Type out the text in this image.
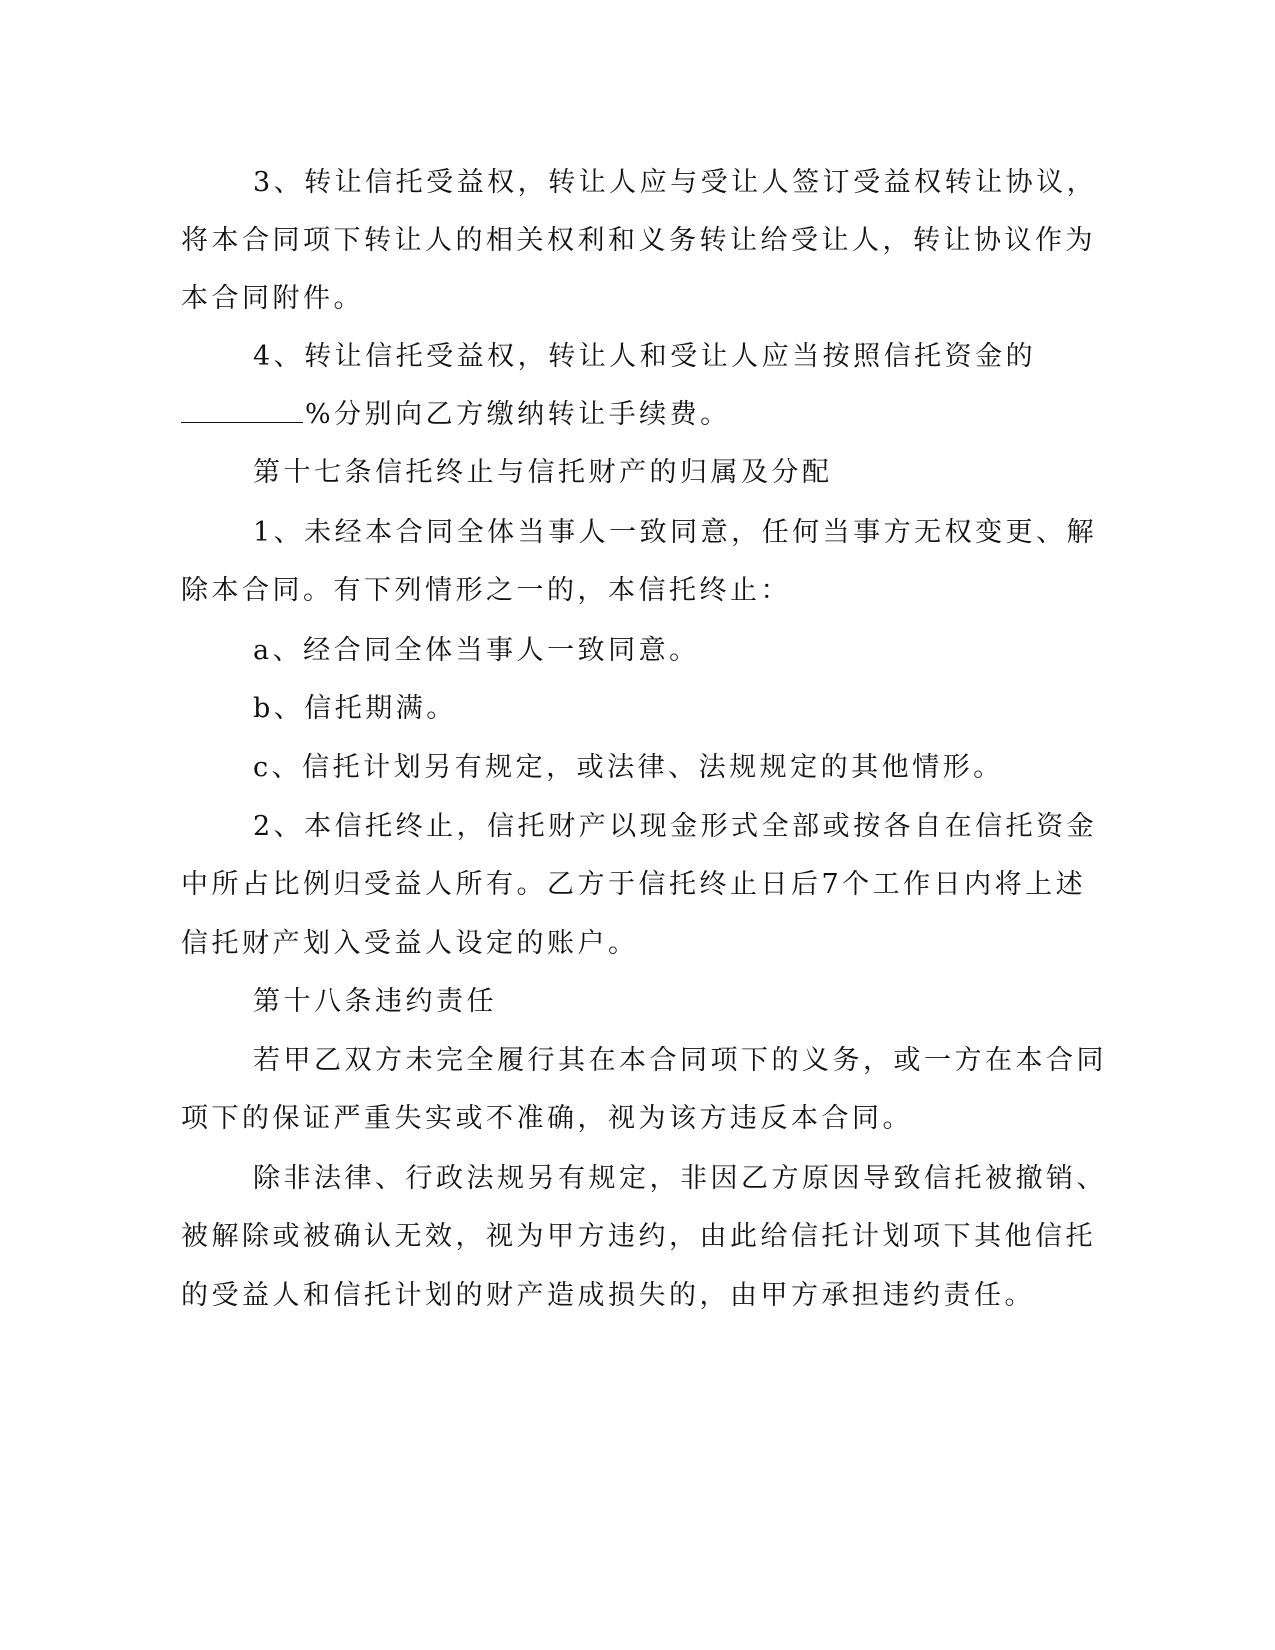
3、转让信托受益权，转让人应与受让人签订受益权转让协议，
将本合同项下转让人的相关权利和义务转让给受让人，转让协议作为
本合同附件。
4、转让信托受益权，转让人和受让人应当按照信托资金的
%分别向乙方缴纳转让手续费。
第十七条信托终止与信托财产的归属及分配
1、未经本合同全体当事人一致同意，任何当事方无权变更、解
除本合同。有下列情形之一的，本信托终止：
a、经合同全体当事人一致同意。
b、信托期满。
c、信托计划另有规定，或法律、法规规定的其他情形。
2、本信托终止，信托财产以现金形式全部或按各自在信托资金
中所占比例归受益人所有。乙方于信托终止日后7个工作日内将上述
信托财产划入受益人设定的账户。
第十八条违约责任
若甲乙双方未完全履行其在本合同项下的义务，或一方在本合同
项下的保证严重失实或不准确，视为该方违反本合同。
除非法律、行政法规另有规定，非因乙方原因导致信托被撤销、
被解除或被确认无效，视为甲方违约，由此给信托计划项下其他信托
的受益人和信托计划的财产造成损失的，由甲方承担违约责任。
